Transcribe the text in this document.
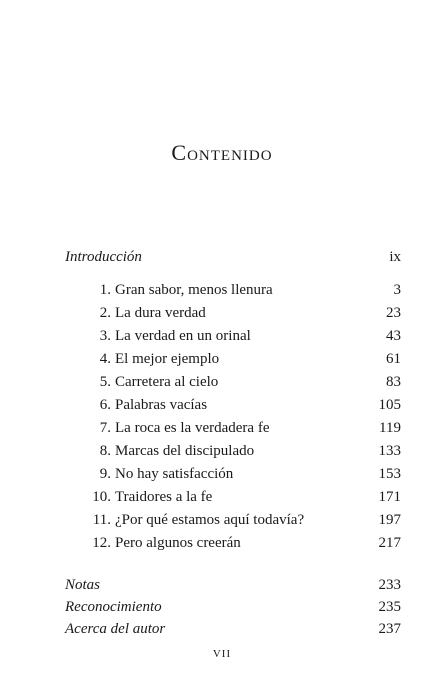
Contenido
Introducción	ix
1. Gran sabor, menos llenura	3
2. La dura verdad	23
3. La verdad en un orinal	43
4. El mejor ejemplo	61
5. Carretera al cielo	83
6. Palabras vacías	105
7. La roca es la verdadera fe	119
8. Marcas del discipulado	133
9. No hay satisfacción	153
10. Traidores a la fe	171
11. ¿Por qué estamos aquí todavía?	197
12. Pero algunos creerán	217
Notas	233
Reconocimiento	235
Acerca del autor	237
VII
